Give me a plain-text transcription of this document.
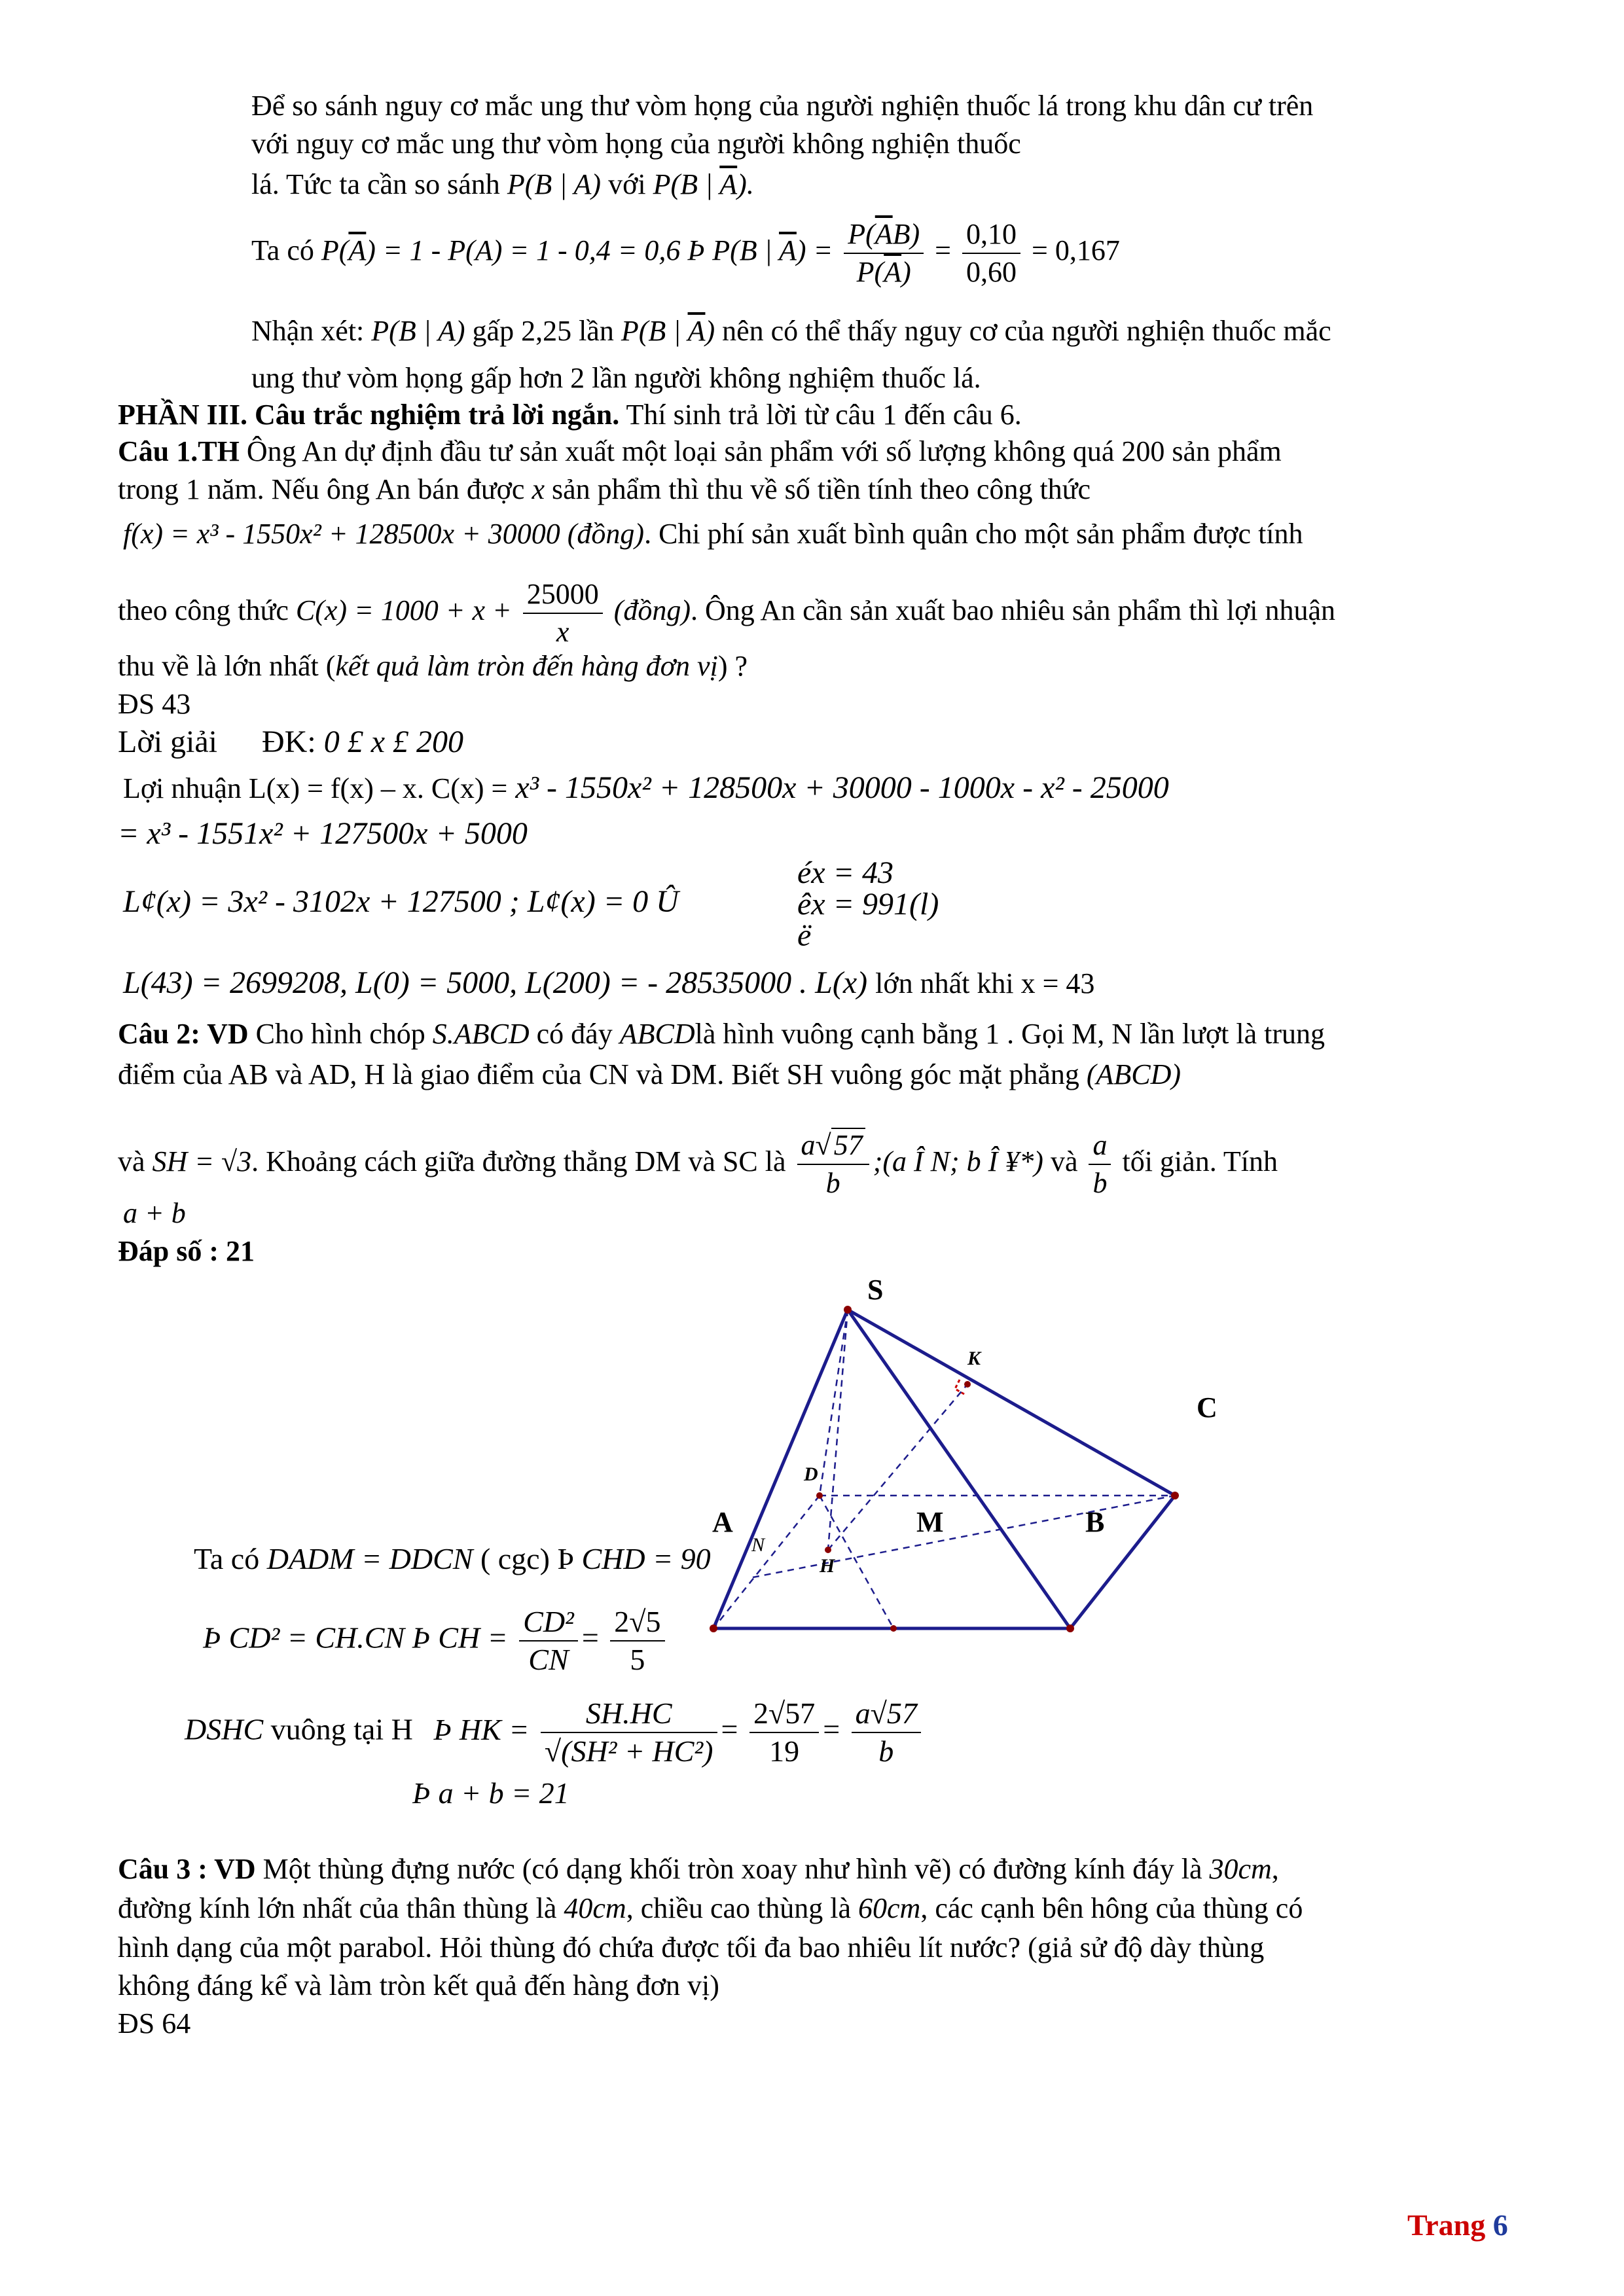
Để so sánh nguy cơ mắc ung thư vòm họng của người nghiện thuốc lá trong khu dân cư trên
với nguy cơ mắc ung thư vòm họng của người không nghiện thuốc
lá. Tức ta cần so sánh P(B | A) với P(B | $\overline{A}$).
Ta có $P(\overline{A}) = 1 - P(A) = 1 - 0,4 = 0,6$ Þ P(B | $\overline{A}) = \frac{P(\overline{A}B)}{P(\overline{A})} = \frac{0,10}{0,60} = 0,167$
Nhận xét: P(B | A) gấp 2,25 lần P(B | $\overline{A}$) nên có thể thấy nguy cơ của người nghiện thuốc mắc
ung thư vòm họng gấp hơn 2 lần người không nghiệm thuốc lá.
PHẦN III. Câu trắc nghiệm trả lời ngắn. Thí sinh trả lời từ câu 1 đến câu 6.
Câu 1.TH Ông An dự định đầu tư sản xuất một loại sản phẩm với số lượng không quá 200 sản phẩm
trong 1 năm. Nếu ông An bán được x sản phẩm thì thu về số tiền tính theo công thức
f(x) = x³ - 1550x² + 128500x + 30000 (đồng). Chi phí sản xuất bình quân cho một sản phẩm được tính
theo công thức $C(x) = 1000 + x + \frac{25000}{x}$ (đồng). Ông An cần sản xuất bao nhiêu sản phẩm thì lợi nhuận
thu về là lớn nhất (kết quả làm tròn đến hàng đơn vị) ?
ĐS 43
Lời giải ĐK: 0 £ x £ 200
Lợi nhuận L(x) = f(x) – x. C(x) = x³ - 1550x² + 128500x + 30000 - 1000x - x² - 25000
= x³ - 1551x² + 127500x + 5000
L¢(x) = 3x² - 3102x + 127500 ; L¢(x) = 0 Û
éx = 43
êx = 991(l)
ë
L(43) = 2699208, L(0) = 5000, L(200) = - 28535000 . L(x) lớn nhất khi x = 43
Câu 2: VD Cho hình chóp S.ABCD có đáy ABCDlà hình vuông cạnh bằng 1 . Gọi M, N lần lượt là trung
điểm của AB và AD, H là giao điểm của CN và DM. Biết SH vuông góc mặt phẳng (ABCD)
và SH = √3. Khoảng cách giữa đường thẳng DM và SC là $\frac{a√57}{b}$ ;(a Î N; b Î ¥*) và $\frac{a}{b}$ tối giản. Tính
a + b
Đáp số : 21
S
K
C
D
A	M	B
H
N
Ta có DADM = DDCN ( cgc) Þ CHD = 90
Þ CD² = CH.CN Þ CH = $\frac{\text{CD²}}{CN} = \frac{2√5}{5}$
DSHC vuông tại H Þ HK = $\frac{SH.HC}{\text{√(SH² + HC²)}} = \frac{2√57}{19} = \frac{a√57}{b}$
Þ a + b = 21
Câu 3 : VD Một thùng đựng nước (có dạng khối tròn xoay như hình vẽ) có đường kính đáy là 30cm,
đường kính lớn nhất của thân thùng là 40cm, chiều cao thùng là 60cm, các cạnh bên hông của thùng có
hình dạng của một parabol. Hỏi thùng đó chứa được tối đa bao nhiêu lít nước? (giả sử độ dày thùng
không đáng kể và làm tròn kết quả đến hàng đơn vị)
ĐS 64
Trang 6
